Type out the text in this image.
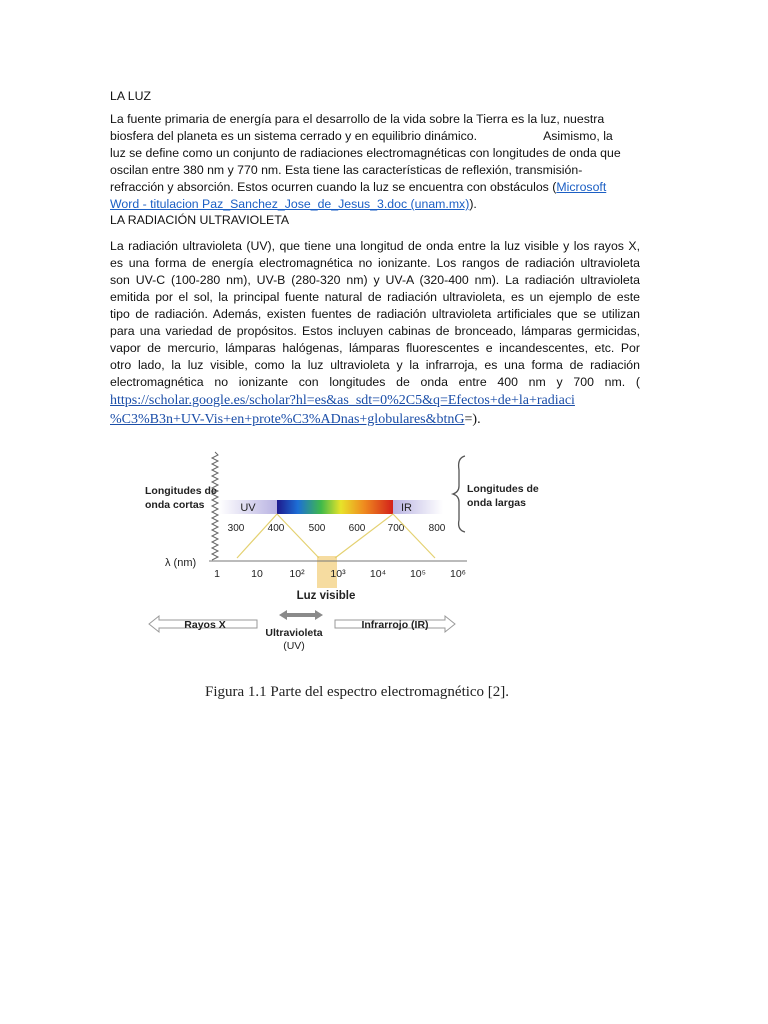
LA LUZ
La fuente primaria de energía para el desarrollo de la vida sobre la Tierra es la luz, nuestra
biosfera del planeta es un sistema cerrado y en equilibrio dinámico.	Asimismo, la
luz se define como un conjunto de radiaciones electromagnéticas con longitudes de onda que
oscilan entre 380 nm y 770 nm. Esta tiene las características de reflexión, transmisión-
refracción y absorción. Estos ocurren cuando la luz se encuentra con obstáculos (Microsoft
Word - titulacion Paz_Sanchez_Jose_de_Jesus_3.doc (unam.mx)).
LA RADIACIÓN ULTRAVIOLETA
La radiación ultravioleta (UV), que tiene una longitud de onda entre la luz visible y los rayos X,
es una forma de energía electromagnética no ionizante. Los rangos de radiación ultravioleta
son UV-C (100-280 nm), UV-B (280-320 nm) y UV-A (320-400 nm). La radiación ultravioleta
emitida por el sol, la principal fuente natural de radiación ultravioleta, es un ejemplo de este
tipo de radiación. Además, existen fuentes de radiación ultravioleta artificiales que se utilizan
para una variedad de propósitos. Estos incluyen cabinas de bronceado, lámparas germicidas,
vapor de mercurio, lámparas halógenas, lámparas fluorescentes e incandescentes, etc. Por
otro lado, la luz visible, como la luz ultravioleta y la infrarroja, es una forma de radiación
electromagnética no ionizante con longitudes de onda entre 400 nm y 700 nm. (
https://scholar.google.es/scholar?hl=es&as_sdt=0%2C5&q=Efectos+de+la+radiaci
%C3%B3n+UV-Vis+en+prote%C3%ADnas+globulares&btnG=).
Longitudes de
onda cortas
Longitudes de
onda largas
UV	IR
300 400 500 600 700 800
λ (nm)
1	10	10² 10³ 10⁴ 10⁵ 10⁶
Luz visible
Rayos X
Ultravioleta
(UV)
Infrarrojo (IR)
Figura 1.1 Parte del espectro electromagnético [2].
